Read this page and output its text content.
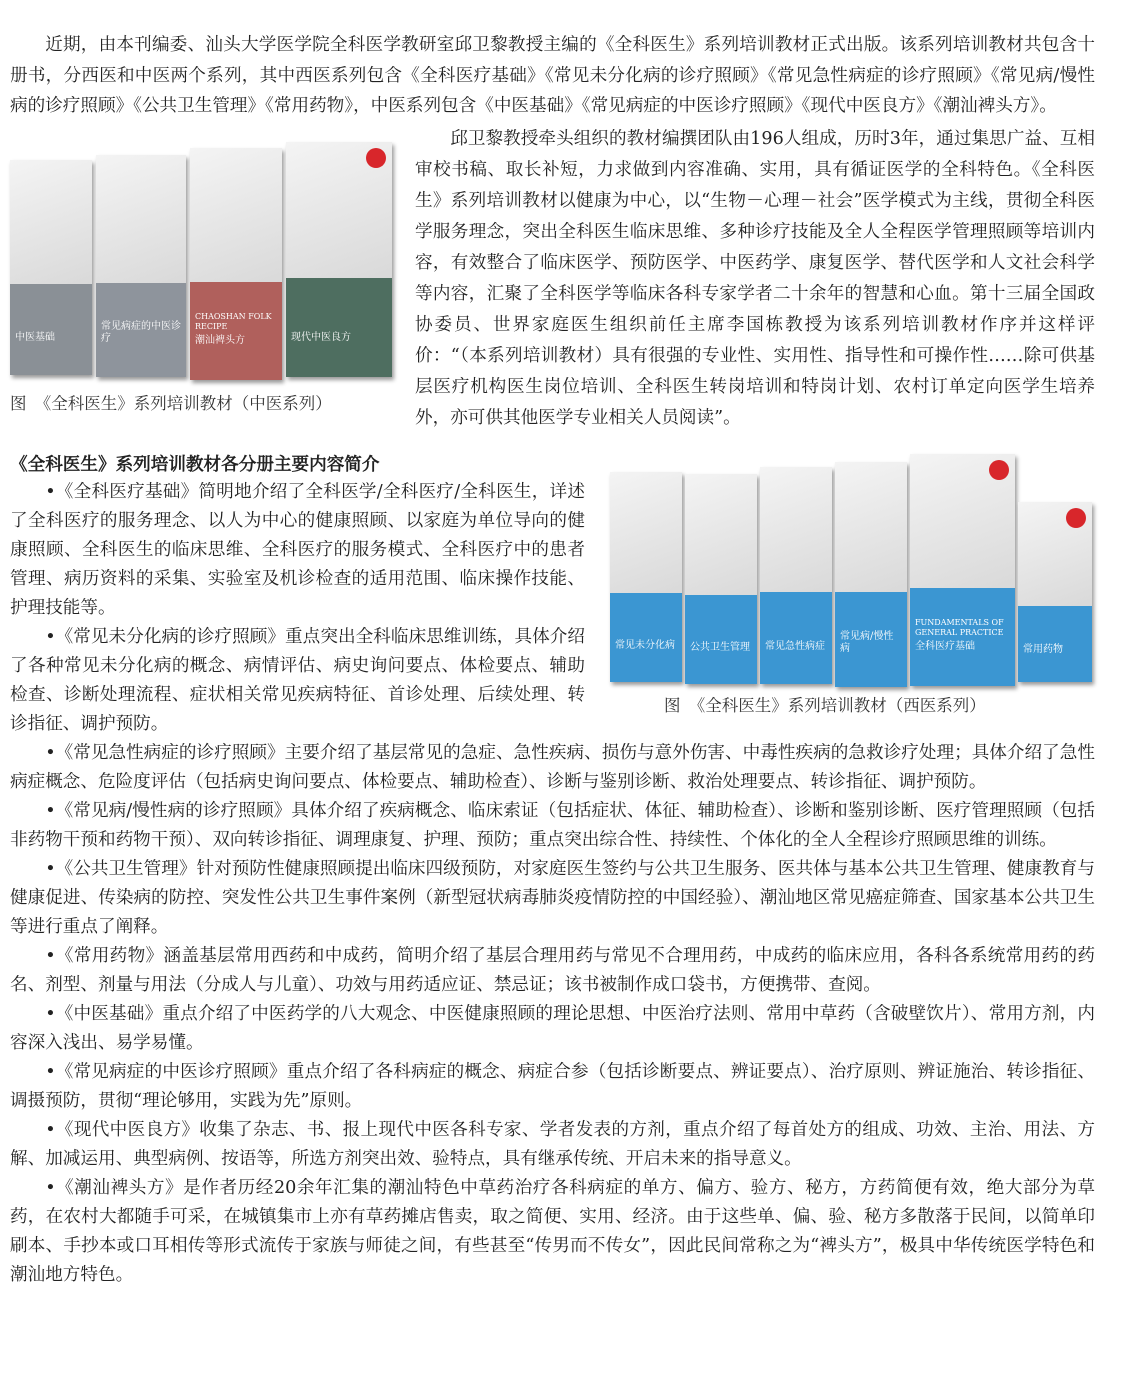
近期，由本刊编委、汕头大学医学院全科医学教研室邱卫黎教授主编的《全科医生》系列培训教材正式出版。该系列培训教材共包含十册书，分西医和中医两个系列，其中西医系列包含《全科医疗基础》《常见未分化病的诊疗照顾》《常见急性病症的诊疗照顾》《常见病/慢性病的诊疗照顾》《公共卫生管理》《常用药物》，中医系列包含《中医基础》《常见病症的中医诊疗照顾》《现代中医良方》《潮汕裨头方》。

中医基础
常见病症的中医诊疗
CHAOSHAN FOLK RECIPE
潮汕裨头方	现代中医良方
图　《全科医生》系列培训教材（中医系列）

邱卫黎教授牵头组织的教材编撰团队由196人组成，历时3年，通过集思广益、互相审校书稿、取长补短，力求做到内容准确、实用，具有循证医学的全科特色。《全科医生》系列培训教材以健康为中心，以“生物－心理－社会”医学模式为主线，贯彻全科医学服务理念，突出全科医生临床思维、多种诊疗技能及全人全程医学管理照顾等培训内容，有效整合了临床医学、预防医学、中医药学、康复医学、替代医学和人文社会科学等内容，汇聚了全科医学等临床各科专家学者二十余年的智慧和心血。第十三届全国政协委员、世界家庭医生组织前任主席李国栋教授为该系列培训教材作序并这样评价：“（本系列培训教材）具有很强的专业性、实用性、指导性和可操作性……除可供基层医疗机构医生岗位培训、全科医生转岗培训和特岗计划、农村订单定向医学生培养外，亦可供其他医学专业相关人员阅读”。

《全科医生》系列培训教材各分册主要内容简介
常见未分化病 公共卫生管理 常见急性病症
常见病/慢性病
FUNDAMENTALS OF GENERAL PRACTICE
全科医疗基础	常用药物
图　《全科医生》系列培训教材（西医系列）

•《全科医疗基础》简明地介绍了全科医学/全科医疗/全科医生，详述了全科医疗的服务理念、以人为中心的健康照顾、以家庭为单位导向的健康照顾、全科医生的临床思维、全科医疗的服务模式、全科医疗中的患者管理、病历资料的采集、实验室及机诊检查的适用范围、临床操作技能、护理技能等。

•《常见未分化病的诊疗照顾》重点突出全科临床思维训练，具体介绍了各种常见未分化病的概念、病情评估、病史询问要点、体检要点、辅助检查、诊断处理流程、症状相关常见疾病特征、首诊处理、后续处理、转诊指征、调护预防。

•《常见急性病症的诊疗照顾》主要介绍了基层常见的急症、急性疾病、损伤与意外伤害、中毒性疾病的急救诊疗处理；具体介绍了急性病症概念、危险度评估（包括病史询问要点、体检要点、辅助检查）、诊断与鉴别诊断、救治处理要点、转诊指征、调护预防。

•《常见病/慢性病的诊疗照顾》具体介绍了疾病概念、临床索证（包括症状、体征、辅助检查）、诊断和鉴别诊断、医疗管理照顾（包括非药物干预和药物干预）、双向转诊指征、调理康复、护理、预防；重点突出综合性、持续性、个体化的全人全程诊疗照顾思维的训练。

•《公共卫生管理》针对预防性健康照顾提出临床四级预防，对家庭医生签约与公共卫生服务、医共体与基本公共卫生管理、健康教育与健康促进、传染病的防控、突发性公共卫生事件案例（新型冠状病毒肺炎疫情防控的中国经验）、潮汕地区常见癌症筛查、国家基本公共卫生等进行重点了阐释。

•《常用药物》涵盖基层常用西药和中成药，简明介绍了基层合理用药与常见不合理用药，中成药的临床应用，各科各系统常用药的药名、剂型、剂量与用法（分成人与儿童）、功效与用药适应证、禁忌证；该书被制作成口袋书，方便携带、查阅。

•《中医基础》重点介绍了中医药学的八大观念、中医健康照顾的理论思想、中医治疗法则、常用中草药（含破壁饮片）、常用方剂，内容深入浅出、易学易懂。

•《常见病症的中医诊疗照顾》重点介绍了各科病症的概念、病症合参（包括诊断要点、辨证要点）、治疗原则、辨证施治、转诊指征、调摄预防，贯彻“理论够用，实践为先”原则。

•《现代中医良方》收集了杂志、书、报上现代中医各科专家、学者发表的方剂，重点介绍了每首处方的组成、功效、主治、用法、方解、加减运用、典型病例、按语等，所选方剂突出效、验特点，具有继承传统、开启未来的指导意义。

•《潮汕裨头方》是作者历经20余年汇集的潮汕特色中草药治疗各科病症的单方、偏方、验方、秘方，方药简便有效，绝大部分为草药，在农村大都随手可采，在城镇集市上亦有草药摊店售卖，取之简便、实用、经济。由于这些单、偏、验、秘方多散落于民间，以简单印刷本、手抄本或口耳相传等形式流传于家族与师徒之间，有些甚至“传男而不传女”，因此民间常称之为“裨头方”，极具中华传统医学特色和潮汕地方特色。
